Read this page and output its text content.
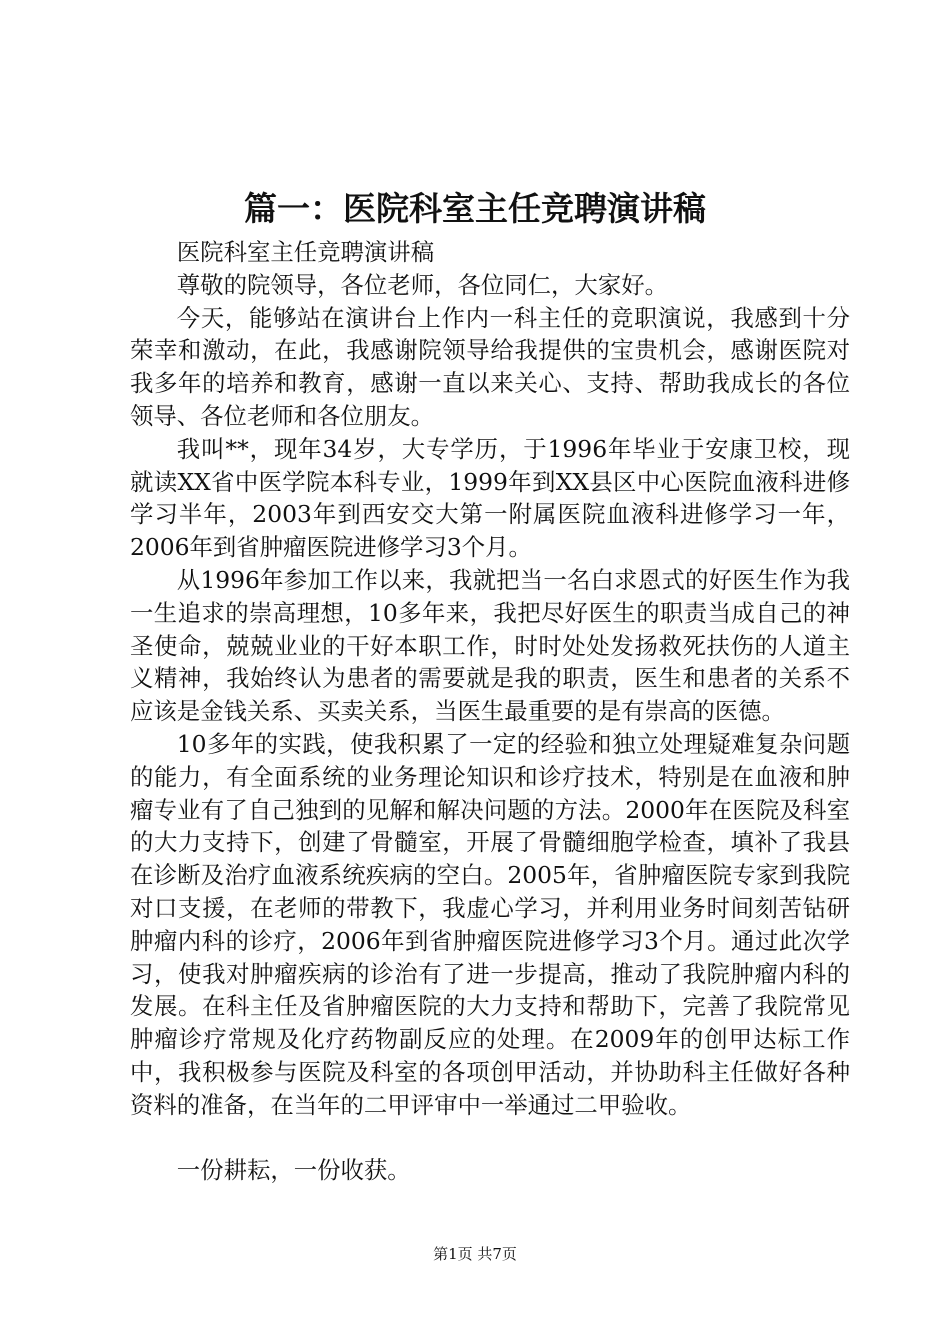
篇一：医院科室主任竞聘演讲稿

医院科室主任竞聘演讲稿

尊敬的院领导，各位老师，各位同仁，大家好。

今天，能够站在演讲台上作内一科主任的竞职演说，我感到十分荣幸和激动，在此，我感谢院领导给我提供的宝贵机会，感谢医院对我多年的培养和教育，感谢一直以来关心、支持、帮助我成长的各位领导、各位老师和各位朋友。

我叫**，现年34岁，大专学历，于1996年毕业于安康卫校，现就读XX省中医学院本科专业，1999年到XX县区中心医院血液科进修学习半年，2003年到西安交大第一附属医院血液科进修学习一年，2006年到省肿瘤医院进修学习3个月。

从1996年参加工作以来，我就把当一名白求恩式的好医生作为我一生追求的崇高理想，10多年来，我把尽好医生的职责当成自己的神圣使命，兢兢业业的干好本职工作，时时处处发扬救死扶伤的人道主义精神，我始终认为患者的需要就是我的职责，医生和患者的关系不应该是金钱关系、买卖关系，当医生最重要的是有崇高的医德。

10多年的实践，使我积累了一定的经验和独立处理疑难复杂问题的能力，有全面系统的业务理论知识和诊疗技术，特别是在血液和肿瘤专业有了自己独到的见解和解决问题的方法。2000年在医院及科室的大力支持下，创建了骨髓室，开展了骨髓细胞学检查，填补了我县在诊断及治疗血液系统疾病的空白。2005年，省肿瘤医院专家到我院对口支援，在老师的带教下，我虚心学习，并利用业务时间刻苦钻研肿瘤内科的诊疗，2006年到省肿瘤医院进修学习3个月。通过此次学习，使我对肿瘤疾病的诊治有了进一步提高，推动了我院肿瘤内科的发展。在科主任及省肿瘤医院的大力支持和帮助下，完善了我院常见肿瘤诊疗常规及化疗药物副反应的处理。在2009年的创甲达标工作中，我积极参与医院及科室的各项创甲活动，并协助科主任做好各种资料的准备，在当年的二甲评审中一举通过二甲验收。

一份耕耘，一份收获。

第1页 共7页
